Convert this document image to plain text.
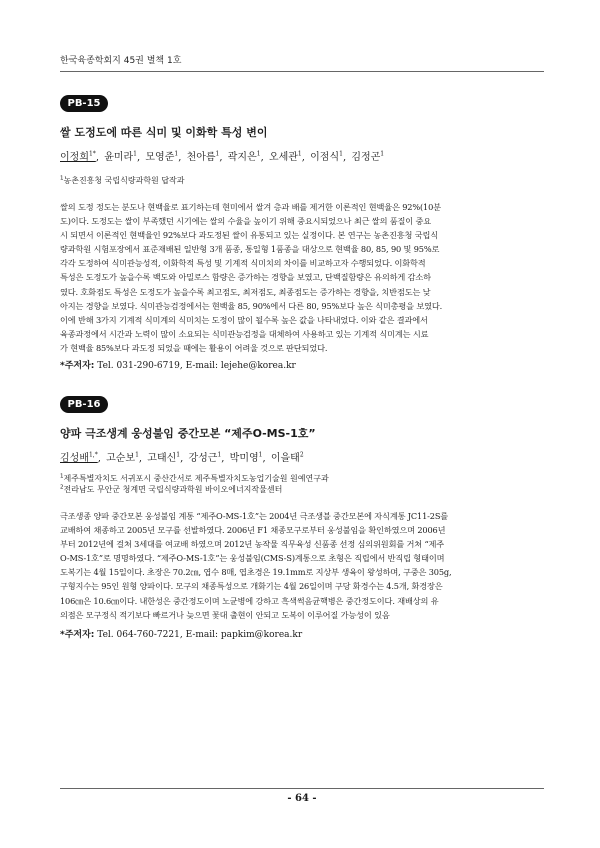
한국육종학회지 45권 별책 1호
PB-15
쌀 도정도에 따른 식미 및 이화학 특성 변이
이정희$^{1*}$, 윤미라$^1$, 모영준$^1$, 천아름$^1$, 곽지은$^1$, 오세관$^1$, 이점식$^1$, 김정곤$^1$
$^1$농촌진흥청 국립식량과학원 답작과
쌀의 도정 정도는 분도나 현백율로 표기하는데 현미에서 쌀겨 층과 배를 제거한 이론적인 현백율은 92%(10분
도)이다. 도정도는 쌀이 부족했던 시기에는 쌀의 수율을 높이기 위해 중요시되었으나 최근 쌀의 품질이 중요
시 되면서 이론적인 현백율인 92%보다 과도정된 쌀이 유통되고 있는 실정이다. 본 연구는 농촌진흥청 국립식
량과학원 시험포장에서 표준재배된 일반형 3개 품종, 통일형 1품종을 대상으로 현백율 80, 85, 90 및 95%로
각각 도정하여 식미관능성적, 이화학적 특성 및 기계적 식미치의 차이를 비교하고자 수행되었다. 이화학적
특성은 도정도가 높을수록 백도와 아밀로스 함량은 증가하는 경향을 보였고, 단백질함량은 유의하게 감소하
였다. 호화점도 특성은 도정도가 높을수록 최고점도, 최저점도, 최종점도는 증가하는 경향을, 치반점도는 낮
아지는 경향을 보였다. 식미관능검정에서는 현백율 85, 90%에서 다른 80, 95%보다 높은 식미총평을 보였다.
이에 반해 3가지 기계적 식미계의 식미치는 도정이 많이 될수록 높은 값을 나타내었다. 이와 같은 결과에서
육종과정에서 시간과 노력이 많이 소요되는 식미관능검정을 대체하여 사용하고 있는 기계적 식미계는 시료
가 현백율 85%보다 과도정 되었을 때에는 활용이 어려울 것으로 판단되었다.
*주저자: Tel. 031-290-6719, E-mail: lejehe@korea.kr
PB-16
양파 극조생계 웅성불임 중간모본 “제주O-MS-1호”
김성배$^{1,*}$, 고순보$^1$, 고태신$^1$, 강성근$^1$, 박미영$^1$, 이을태$^2$
$^1$제주특별자치도 서귀포시 중산간서로 제주특별자치도농업기술원 원예연구과
$^2$전라남도 무안군 청계면 국립식량과학원 바이오에너지작물센터
극조생종 양파 중간모본 웅성불임 계통 “제주O-MS-1호”는 2004년 극조생블 중간모본에 자식계통 JC11-2S를
교배하여 채종하고 2005년 모구를 선발하였다. 2006년 F1 채종모구로부터 웅성불임을 확인하였으며 2006년
부터 2012년에 걸쳐 3세대를 여교배 하였으며 2012년 농작물 직무육성 신품종 선정 심의위원회를 거쳐 “제주
O-MS-1호”로 명명하였다. “제주O-MS-1호”는 웅성불임(CMS-S)계통으로 초형은 직립에서 반직립 형태이며
도복기는 4월 15일이다. 초장은 70.2㎝, 엽수 8매, 엽초경은 19.1mm로 지상부 생육이 왕성하며, 구중은 305g,
구형지수는 95인 원형 양파이다. 모구의 채종특성으로 개화기는 4월 26일이며 구당 화경수는 4.5개, 화경장은
106㎝은 10.6㎝이다. 내한성은 중간정도이며 노균병에 강하고 흑색썩음균핵병은 중간정도이다. 재배상의 유
의점은 모구정식 적기보다 빠르거나 늦으면 꽃대 출현이 안되고 도복이 이루어질 가능성이 있음
*주저자: Tel. 064-760-7221, E-mail: papkim@korea.kr
- 64 -
